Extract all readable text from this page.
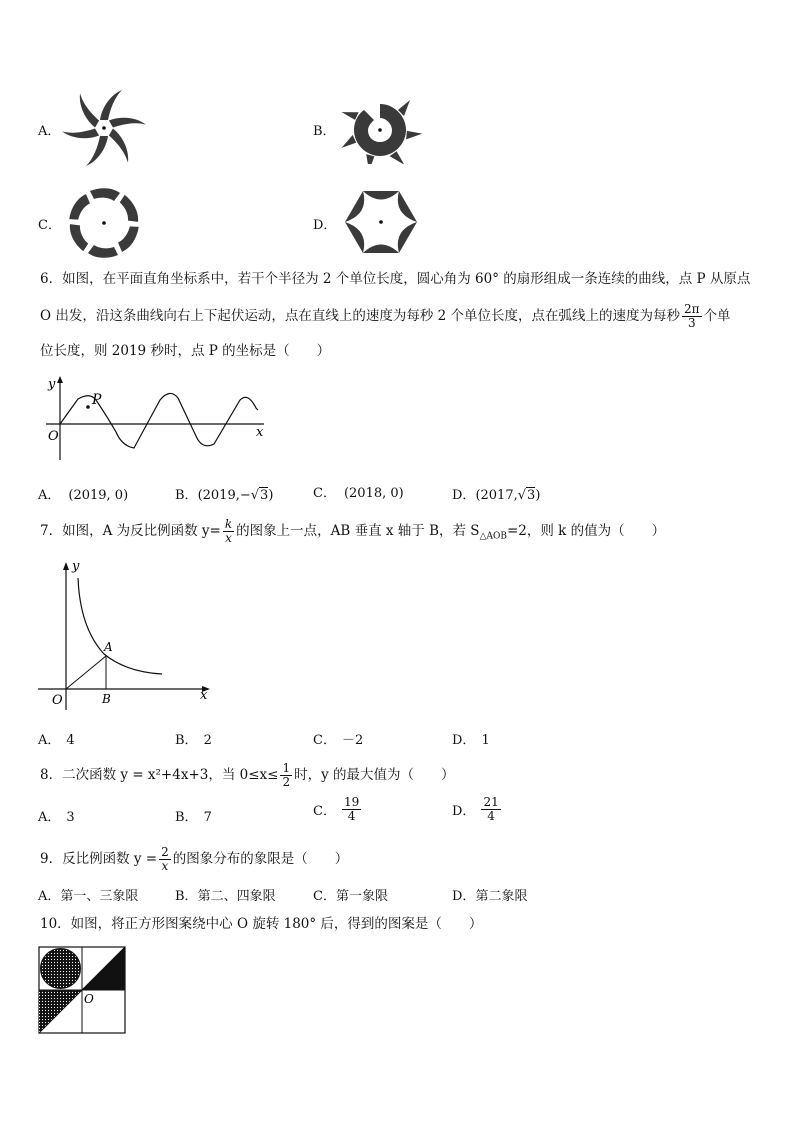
A．	B．
C．	D．
6．如图，在平面直角坐标系中，若干个半径为 2 个单位长度，圆心角为 60° 的扇形组成一条连续的曲线，点 P 从原点
O 出发，沿这条曲线向右上下起伏运动，点在直线上的速度为每秒 2 个单位长度，点在弧线上的速度为每秒 $\frac{2\pi}{3}$ 个单
位长度，则 2019 秒时，点 P 的坐标是（　　）
y
x
O
P
A． (2019, 0)	B．(2019,−√3)	C． (2018, 0)	D．(2017,√3)
7．如图，A 为反比例函数 $y= \frac{k}{x}$ 的图象上一点，AB 垂直 x 轴于 B，若 $S_{\triangle AOB}=2$，则 k 的值为（　　）
y
x
O
A
B
A． 4	B． 2	C． －2	D． 1
8．二次函数 y = x²+4x+3，当 $0\le x\le \frac{1}{2}$ 时，y 的最大值为（　　）
A． 3	B． 7	C． $\frac{19}{4}$	D． $\frac{21}{4}$
9．反比例函数 $y = \frac{2}{x}$ 的图象分布的象限是（　　）
A．第一、三象限	B．第二、四象限	C．第一象限	D．第二象限
10．如图，将正方形图案绕中心 O 旋转 180° 后，得到的图案是（　　）
O
